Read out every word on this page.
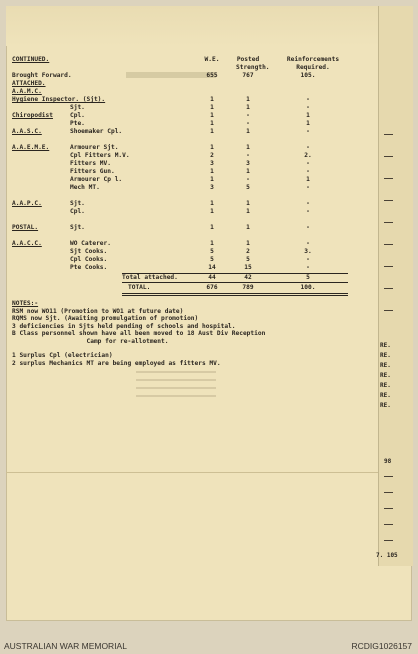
RE.
RE.
RE.
RE.
RE.
RE.
RE.
98
7. 105
CONTINUED.	W.E.	Posted
Strength.
Reinforcements
Required.
Brought Forward.	655	767	105.
ATTACHED.
A.A.M.C.
Hygiene Inspector. (Sjt).	1	1	-
Sjt.	1	1	-
Chiropodist	Cpl.	1	-	1
Pte.	1	-	1
A.A.S.C.	Shoemaker Cpl.	1	1	-
A.A.E.M.E.	Armourer Sjt.	1	1	-
Cpl Fitters M.V.	2	-	2.
Fitters MV.	3	3	-
Fitters Gun.	1	1	-
Armourer Cp l.	1	-	1
Mech MT.	3	5	-
A.A.P.C.	Sjt.	1	1	-
Cpl.	1	1	-
POSTAL.	Sjt.	1	1	-
A.A.C.C.	WO Caterer.	1	1	-
Sjt Cooks.	5	2	3.
Cpl Cooks.	5	5	-
Pte Cooks.	14	15	-
Total attached.	44	42	5
TOTAL.	676	789	100.
NOTES:-
RSM now WO11 (Promotion to WO1 at future date)
RQMS now Sjt. (Awaiting promulgation of promotion)
3 deficiencies in Sjts held pending of schools and hospital.
B Class personnel shown have all been moved to 18 Aust Div Reception
Camp for re-allotment.
1 Surplus Cpl (electrician)
2 surplus Mechanics MT are being employed as fitters MV.
AUSTRALIAN WAR MEMORIAL	RCDIG1026157
